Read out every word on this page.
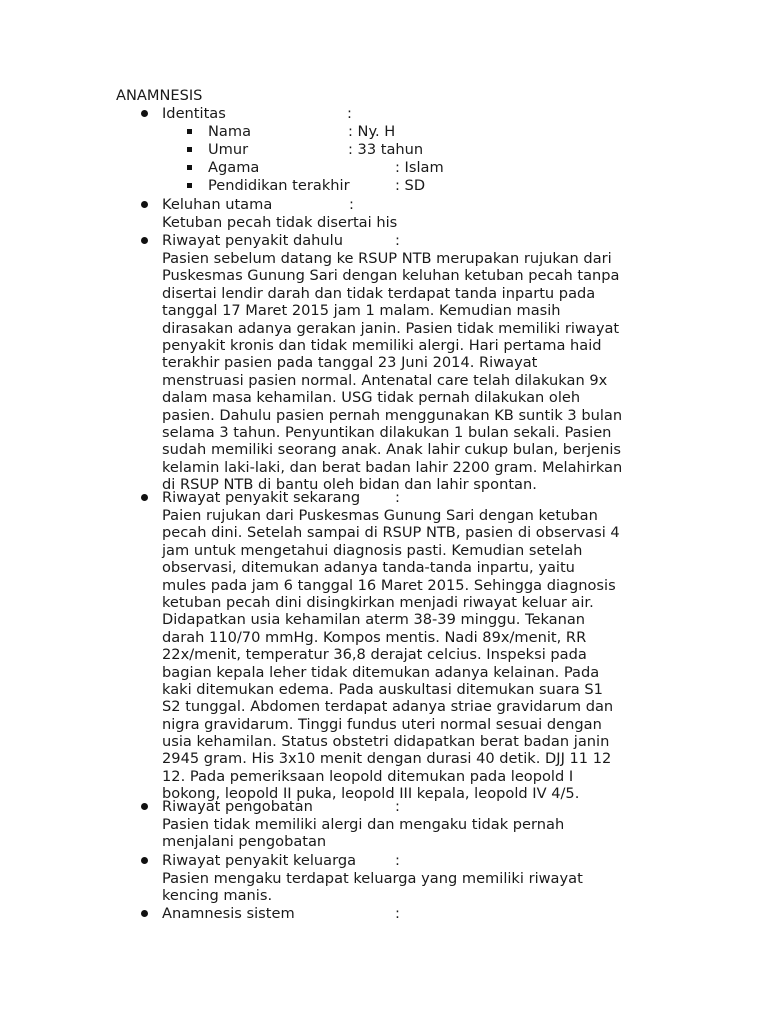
ANAMNESIS
Identitas	:
Nama	: Ny. H
Umur	: 33 tahun
Agama	: Islam
Pendidikan terakhir	: SD
Keluhan utama	:
Ketuban pecah tidak disertai his
Riwayat penyakit dahulu	:
Pasien sebelum datang ke RSUP NTB merupakan rujukan dari
Puskesmas Gunung Sari dengan keluhan ketuban pecah tanpa
disertai lendir darah dan tidak terdapat tanda inpartu pada
tanggal 17 Maret 2015 jam 1 malam. Kemudian masih
dirasakan adanya gerakan janin. Pasien tidak memiliki riwayat
penyakit kronis dan tidak memiliki alergi. Hari pertama haid
terakhir pasien pada tanggal 23 Juni 2014. Riwayat
menstruasi pasien normal. Antenatal care telah dilakukan 9x
dalam masa kehamilan. USG tidak pernah dilakukan oleh
pasien. Dahulu pasien pernah menggunakan KB suntik 3 bulan
selama 3 tahun. Penyuntikan dilakukan 1 bulan sekali. Pasien
sudah memiliki seorang anak. Anak lahir cukup bulan, berjenis
kelamin laki-laki, dan berat badan lahir 2200 gram. Melahirkan
di RSUP NTB di bantu oleh bidan dan lahir spontan.
Riwayat penyakit sekarang :
Paien rujukan dari Puskesmas Gunung Sari dengan ketuban
pecah dini. Setelah sampai di RSUP NTB, pasien di observasi 4
jam untuk mengetahui diagnosis pasti. Kemudian setelah
observasi, ditemukan adanya tanda-tanda inpartu, yaitu
mules pada jam 6 tanggal 16 Maret 2015. Sehingga diagnosis
ketuban pecah dini disingkirkan menjadi riwayat keluar air.
Didapatkan usia kehamilan aterm 38-39 minggu. Tekanan
darah 110/70 mmHg. Kompos mentis. Nadi 89x/menit, RR
22x/menit, temperatur 36,8 derajat celcius. Inspeksi pada
bagian kepala leher tidak ditemukan adanya kelainan. Pada
kaki ditemukan edema. Pada auskultasi ditemukan suara S1
S2 tunggal. Abdomen terdapat adanya striae gravidarum dan
nigra gravidarum. Tinggi fundus uteri normal sesuai dengan
usia kehamilan. Status obstetri didapatkan berat badan janin
2945 gram. His 3x10 menit dengan durasi 40 detik. DJJ 11 12
12. Pada pemeriksaan leopold ditemukan pada leopold I
bokong, leopold II puka, leopold III kepala, leopold IV 4/5.
Riwayat pengobatan	:
Pasien tidak memiliki alergi dan mengaku tidak pernah
menjalani pengobatan
Riwayat penyakit keluarga	:
Pasien mengaku terdapat keluarga yang memiliki riwayat
kencing manis.
Anamnesis sistem	:
